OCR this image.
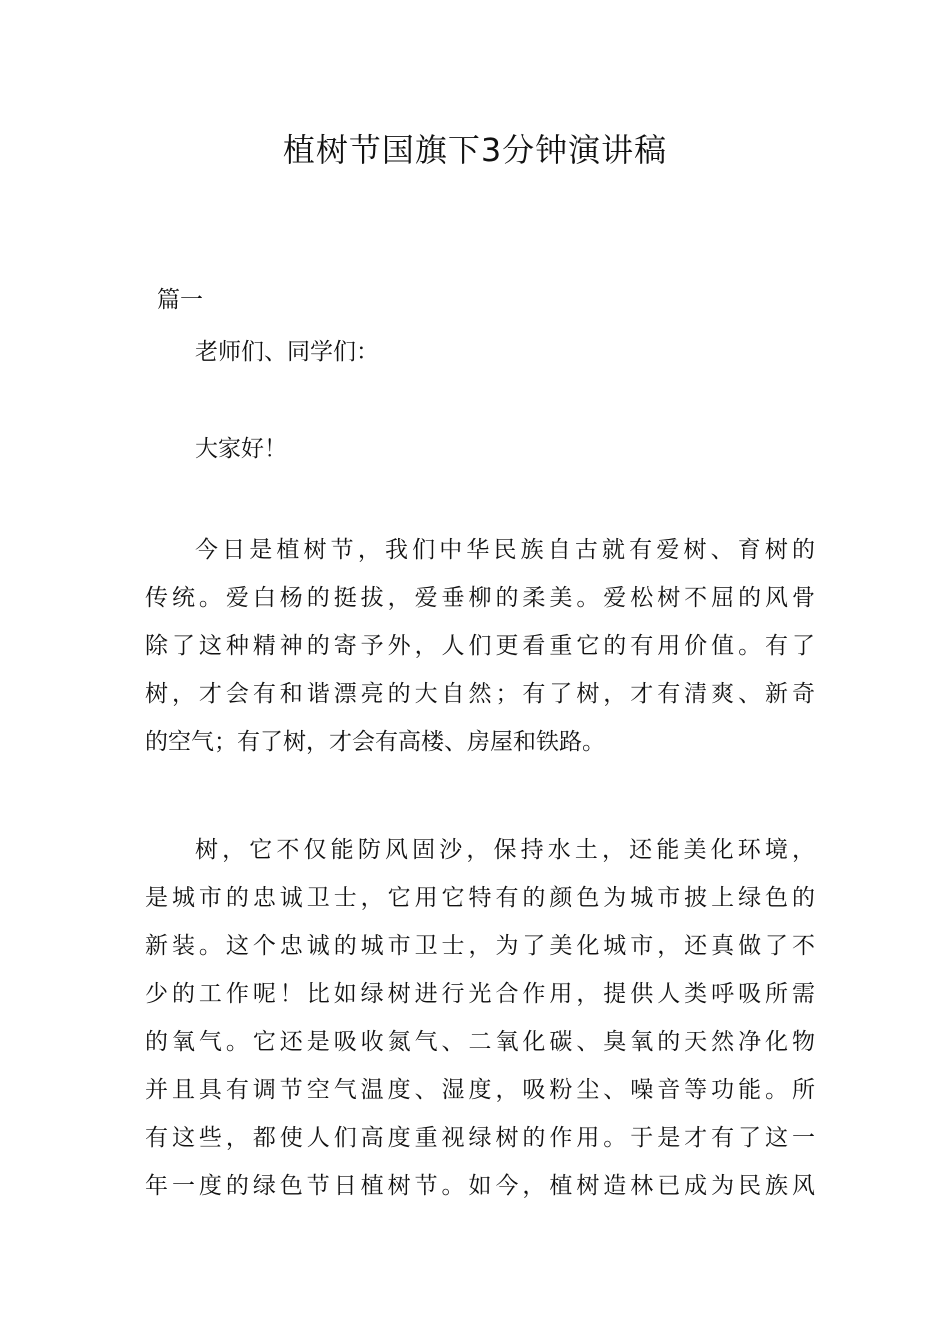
植树节国旗下3分钟演讲稿
篇一
老师们、同学们：
大家好！
今日是植树节，我们中华民族自古就有爱树、育树的
传统。爱白杨的挺拔，爱垂柳的柔美。爱松树不屈的风骨
除了这种精神的寄予外，人们更看重它的有用价值。有了
树，才会有和谐漂亮的大自然；有了树，才有清爽、新奇
的空气；有了树，才会有高楼、房屋和铁路。
树，它不仅能防风固沙，保持水土，还能美化环境，
是城市的忠诚卫士，它用它特有的颜色为城市披上绿色的
新装。这个忠诚的城市卫士，为了美化城市，还真做了不
少的工作呢！比如绿树进行光合作用，提供人类呼吸所需
的氧气。它还是吸收氮气、二氧化碳、臭氧的天然净化物
并且具有调节空气温度、湿度，吸粉尘、噪音等功能。所
有这些，都使人们高度重视绿树的作用。于是才有了这一
年一度的绿色节日植树节。如今，植树造林已成为民族风
